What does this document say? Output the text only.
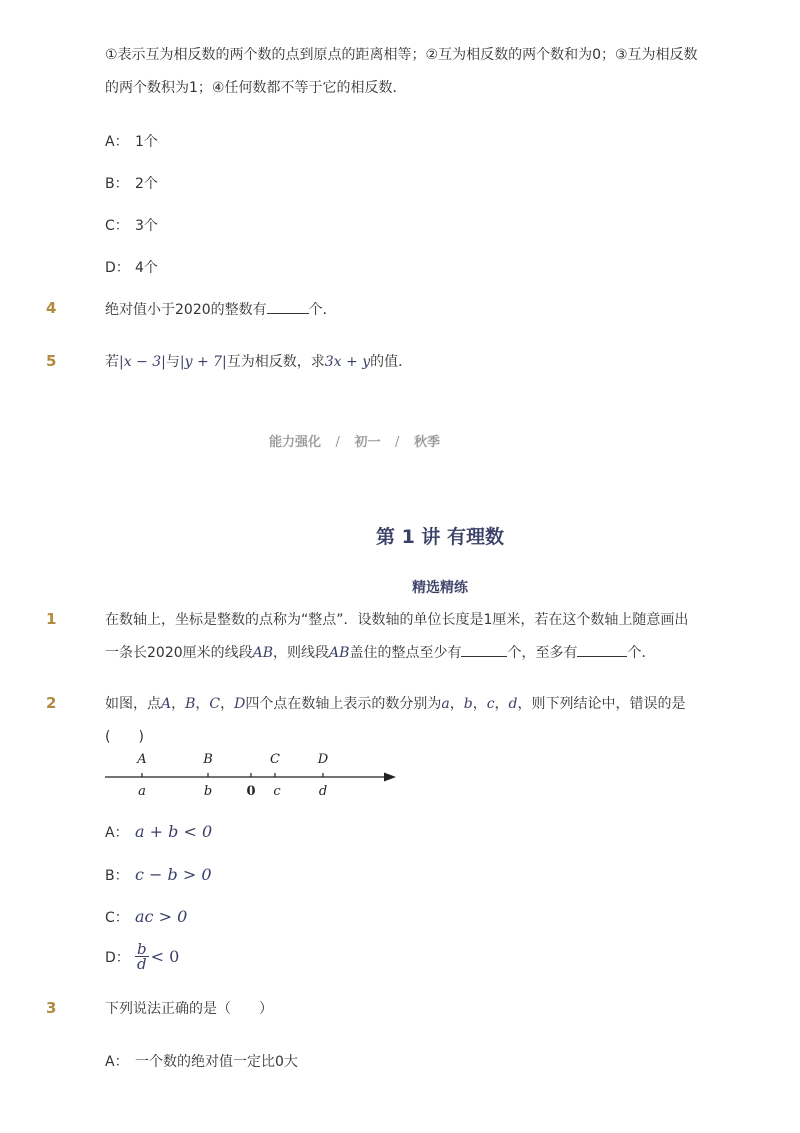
①表示互为相反数的两个数的点到原点的距离相等；②互为相反数的两个数和为0；③互为相反数
的两个数积为1；④任何数都不等于它的相反数．
A： 1个
B： 2个
C： 3个
D： 4个
4	绝对值小于2020的整数有	个．
5	若|x − 3|与|y + 7|互为相反数，求3x + y的值．
能力强化 / 初一 / 秋季
第 1 讲 有理数
精选精练
1	在数轴上，坐标是整数的点称为“整点”．设数轴的单位长度是1厘米，若在这个数轴上随意画出
一条长2020厘米的线段AB，则线段AB盖住的整点至少有	个，至多有	个．
2	如图，点A，B，C，D四个点在数轴上表示的数分别为a，b，c，d，则下列结论中，错误的是
(　　)
A	B	C	D
a	b	0 c	d
A： a + b < 0
B： c − b > 0
C： ac > 0
D： $\frac{b}{d} < 0$
3	下列说法正确的是（　　）
A： 一个数的绝对值一定比0大
